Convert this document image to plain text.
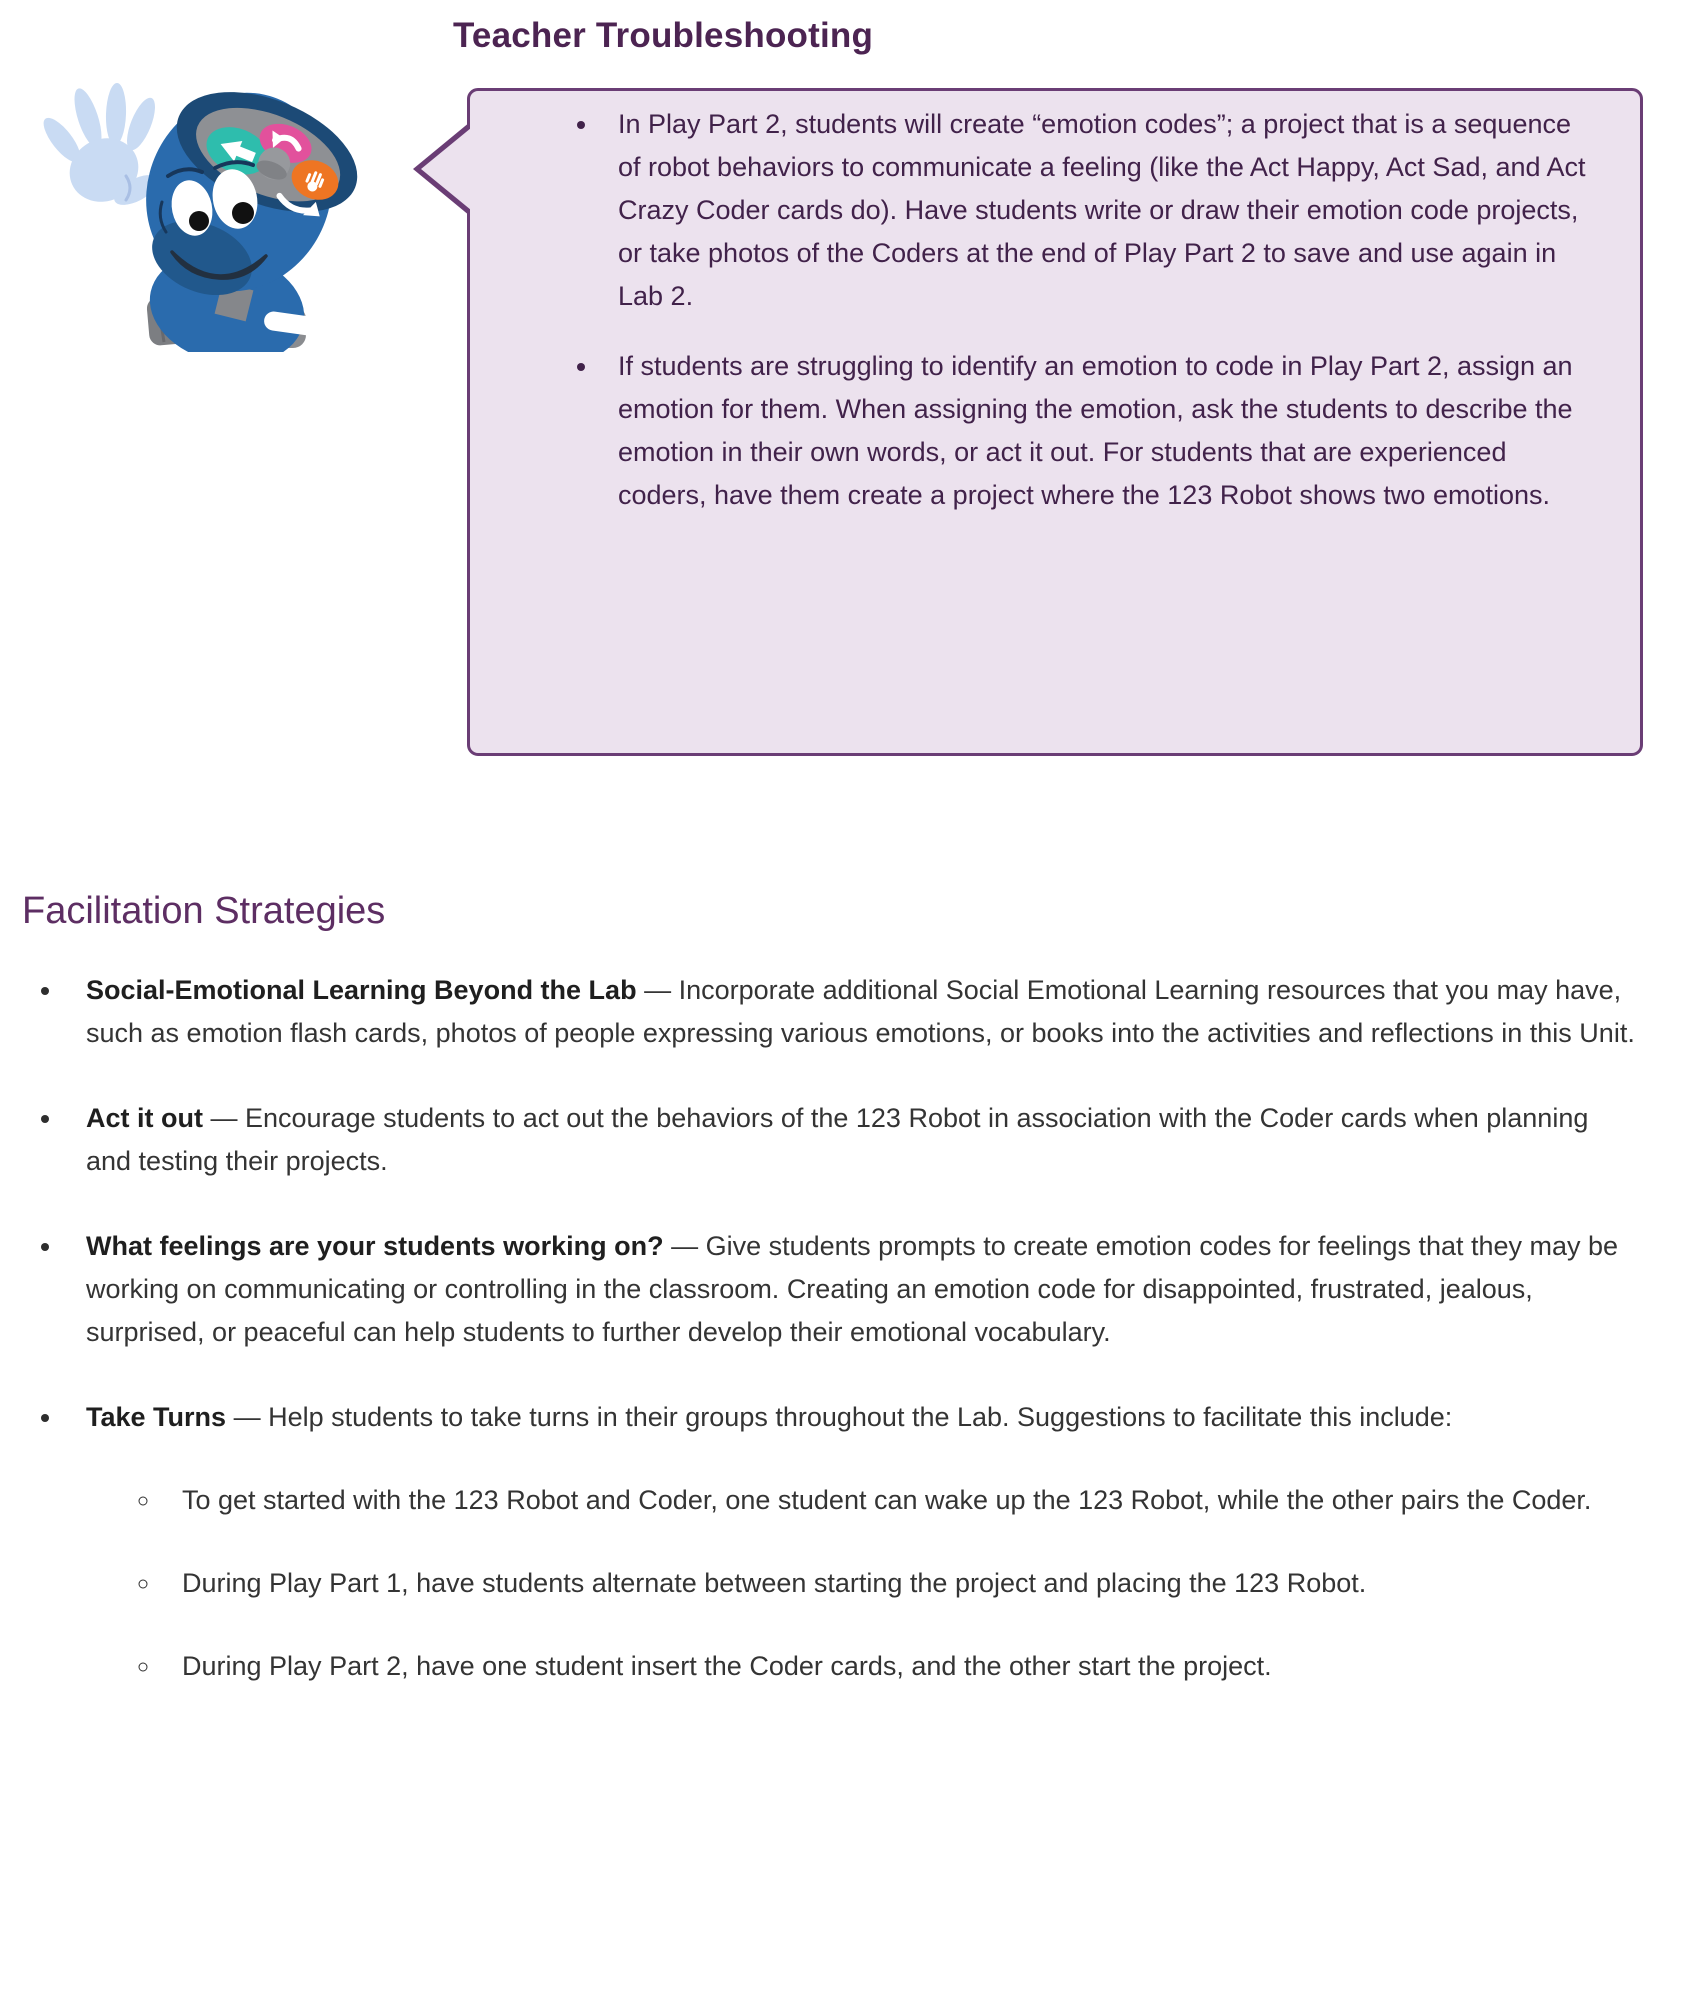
Teacher Troubleshooting
• In Play Part 2, students will create “emotion codes”; a project that is a sequence of robot behaviors to communicate a feeling (like the Act Happy, Act Sad, and Act Crazy Coder cards do). Have students write or draw their emotion code projects, or take photos of the Coders at the end of Play Part 2 to save and use again in Lab 2.
• If students are struggling to identify an emotion to code in Play Part 2, assign an emotion for them. When assigning the emotion, ask the students to describe the emotion in their own words, or act it out. For students that are experienced coders, have them create a project where the 123 Robot shows two emotions.
Facilitation Strategies
• Social-Emotional Learning Beyond the Lab — Incorporate additional Social Emotional Learning resources that you may have, such as emotion flash cards, photos of people expressing various emotions, or books into the activities and reflections in this Unit.
• Act it out — Encourage students to act out the behaviors of the 123 Robot in association with the Coder cards when planning and testing their projects.
• What feelings are your students working on? — Give students prompts to create emotion codes for feelings that they may be working on communicating or controlling in the classroom. Creating an emotion code for disappointed, frustrated, jealous, surprised, or peaceful can help students to further develop their emotional vocabulary.
• Take Turns — Help students to take turns in their groups throughout the Lab. Suggestions to facilitate this include:
◦ To get started with the 123 Robot and Coder, one student can wake up the 123 Robot, while the other pairs the Coder.
◦ During Play Part 1, have students alternate between starting the project and placing the 123 Robot.
◦ During Play Part 2, have one student insert the Coder cards, and the other start the project.
